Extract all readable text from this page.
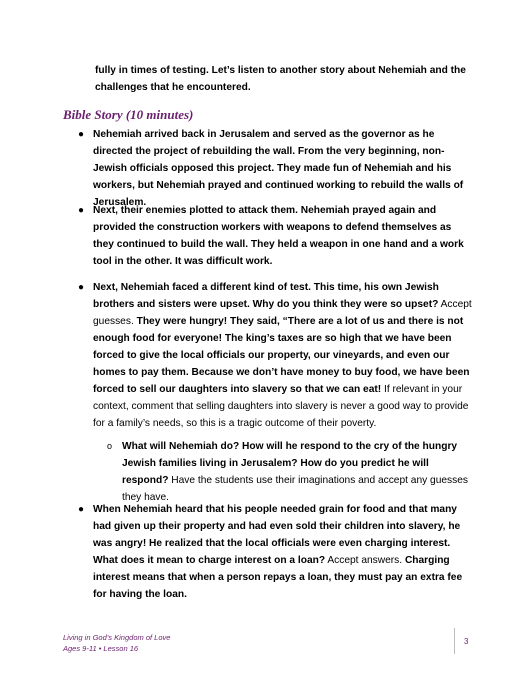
fully in times of testing. Let’s listen to another story about Nehemiah and the challenges that he encountered.
Bible Story (10 minutes)
● Nehemiah arrived back in Jerusalem and served as the governor as he directed the project of rebuilding the wall. From the very beginning, non-Jewish officials opposed this project. They made fun of Nehemiah and his workers, but Nehemiah prayed and continued working to rebuild the walls of Jerusalem.
● Next, their enemies plotted to attack them. Nehemiah prayed again and provided the construction workers with weapons to defend themselves as they continued to build the wall. They held a weapon in one hand and a work tool in the other. It was difficult work.
● Next, Nehemiah faced a different kind of test. This time, his own Jewish brothers and sisters were upset. Why do you think they were so upset? Accept guesses. They were hungry! They said, “There are a lot of us and there is not enough food for everyone! The king’s taxes are so high that we have been forced to give the local officials our property, our vineyards, and even our homes to pay them. Because we don’t have money to buy food, we have been forced to sell our daughters into slavery so that we can eat! If relevant in your context, comment that selling daughters into slavery is never a good way to provide for a family’s needs, so this is a tragic outcome of their poverty.
o What will Nehemiah do? How will he respond to the cry of the hungry Jewish families living in Jerusalem? How do you predict he will respond? Have the students use their imaginations and accept any guesses they have.
● When Nehemiah heard that his people needed grain for food and that many had given up their property and had even sold their children into slavery, he was angry! He realized that the local officials were even charging interest. What does it mean to charge interest on a loan? Accept answers. Charging interest means that when a person repays a loan, they must pay an extra fee for having the loan.
Living in God’s Kingdom of Love
Ages 9-11 • Lesson 16
3
